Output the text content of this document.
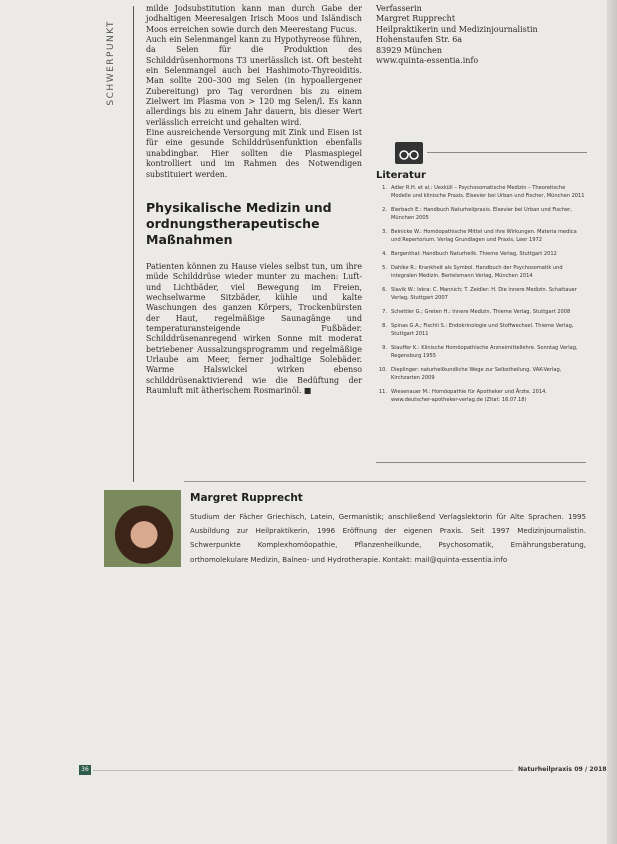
SCHWERPUNKT

milde Jodsubstitution kann man durch Gabe der jodhaltigen Meeresalgen Irisch Moos und Isländisch Moos erreichen sowie durch den Meerestang Fucus.

Auch ein Selenmangel kann zu Hypothyreose führen, da Selen für die Produktion des Schilddrüsenhormons T3 unerlässlich ist. Oft besteht ein Selenmangel auch bei Hashimoto-Thyreoiditis. Man sollte 200–300 mg Selen (in hypoallergener Zubereitung) pro Tag verordnen bis zu einem Zielwert im Plasma von > 120 mg Selen/l. Es kann allerdings bis zu einem Jahr dauern, bis dieser Wert verlässlich erreicht und gehalten wird.

Eine ausreichende Versorgung mit Zink und Eisen ist für eine gesunde Schilddrüsenfunktion ebenfalls unabdingbar. Hier sollten die Plasmaspiegel kontrolliert und im Rahmen des Notwendigen substituiert werden.

Physikalische Medizin und ordnungstherapeutische Maßnahmen

Patienten können zu Hause vieles selbst tun, um ihre müde Schilddrüse wieder munter zu machen: Luft- und Lichtbäder, viel Bewegung im Freien, wechselwarme Sitzbäder, kühle und kalte Waschungen des ganzen Körpers, Trockenbürsten der Haut, regelmäßige Saunagänge und temperaturansteigende Fußbäder. Schilddrüsenanregend wirken Sonne mit moderat betriebener Aussalzungsprogramm und regelmäßige Urlaube am Meer, ferner jodhaltige Solebäder. Warme Halswickel wirken ebenso schilddrüsenaktivierend wie die Bedüftung der Raumluft mit ätherischem Rosmarinöl. ■

Verfasserin
Margret Rupprecht
Heilpraktikerin und Medizinjournalistin
Hohenstaufen Str. 6a
83929 München
www.quinta-essentia.info
Literatur
1. Adler R.H. et al.: Uexküll – Psychosomatische Medizin – Theoretische Modelle und klinische Praxis. Elsevier bei Urban und Fischer, München 2011
2. Bierbach E.: Handbuch Naturheilpraxis. Elsevier bei Urban und Fischer, München 2005
3. Beinicke W.: Homöopathische Mittel und ihre Wirkungen. Materia medica und Repertorium. Verlag Grundlagen und Praxis, Leer 1972
4. Bergenthal: Handbuch Naturheilk. Thieme Verlag, Stuttgart 2012
5. Dahlke R.: Krankheit als Symbol. Handbuch der Psychosomatik und integralen Medizin. Bertelsmann Verlag, München 2014
6. Slavik W.: Iskra: C. Mannich; T. Zeidler: H. Die innere Medizin. Schattauer Verlag, Stuttgart 2007
7. Schettler G.; Greten H.: Innere Medizin. Thieme Verlag, Stuttgart 2008
8. Spinas G.A.; Fischli S.: Endokrinologie und Stoffwechsel. Thieme Verlag, Stuttgart 2011
9. Stauffer K.: Klinische Homöopathische Arzneimittellehre. Sonntag Verlag, Regensburg 1955
10. Dieplinger: naturheilkundliche Wege zur Selbstheilung. VAK-Verlag, Kirchzarten 2009
11. Wiesenauer M.: Homöopathie für Apotheker und Ärzte. 2014. www.deutscher-apotheker-verlag.de (Zitat: 16.07.18)
Margret Rupprecht
Studium der Fächer Griechisch, Latein, Germanistik; anschließend Verlagslektorin für Alte Sprachen. 1995 Ausbildung zur Heilpraktikerin, 1996 Eröffnung der eigenen Praxis. Seit 1997 Medizinjournalistin. Schwerpunkte Komplexhomöopathie, Pflanzenheilkunde, Psychosomatik, Ernährungsberatung, orthomolekulare Medizin, Balneo- und Hydrotherapie. Kontakt: mail@quinta-essentia.info
36	Naturheilpraxis 09 / 2018
